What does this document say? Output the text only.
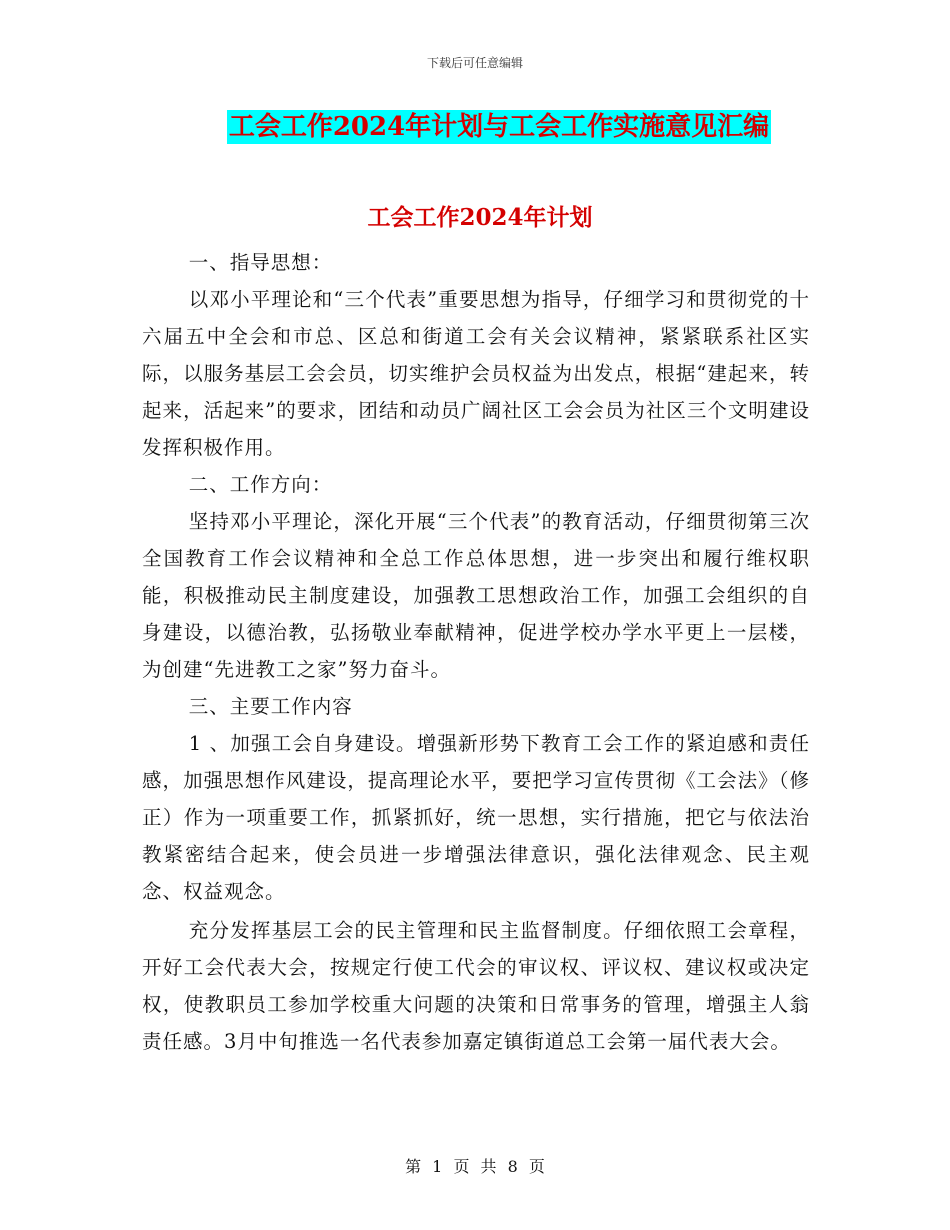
下载后可任意编辑
工会工作2024年计划与工会工作实施意见汇编
工会工作2024年计划

一、指导思想：

以邓小平理论和“三个代表”重要思想为指导，仔细学习和贯彻党的十六届五中全会和市总、区总和街道工会有关会议精神，紧紧联系社区实际，以服务基层工会会员，切实维护会员权益为出发点，根据“建起来，转起来，活起来”的要求，团结和动员广阔社区工会会员为社区三个文明建设发挥积极作用。

二、工作方向：

坚持邓小平理论，深化开展“三个代表”的教育活动，仔细贯彻第三次全国教育工作会议精神和全总工作总体思想，进一步突出和履行维权职能，积极推动民主制度建设，加强教工思想政治工作，加强工会组织的自身建设，以德治教，弘扬敬业奉献精神，促进学校办学水平更上一层楼，为创建“先进教工之家”努力奋斗。

三、主要工作内容

1 、加强工会自身建设。增强新形势下教育工会工作的紧迫感和责任感，加强思想作风建设，提高理论水平，要把学习宣传贯彻《工会法》（修正）作为一项重要工作，抓紧抓好，统一思想，实行措施，把它与依法治教紧密结合起来，使会员进一步增强法律意识，强化法律观念、民主观念、权益观念。

充分发挥基层工会的民主管理和民主监督制度。仔细依照工会章程，开好工会代表大会，按规定行使工代会的审议权、评议权、建议权或决定权，使教职员工参加学校重大问题的决策和日常事务的管理，增强主人翁责任感。3月中旬推选一名代表参加嘉定镇街道总工会第一届代表大会。

第 1 页 共 8 页
